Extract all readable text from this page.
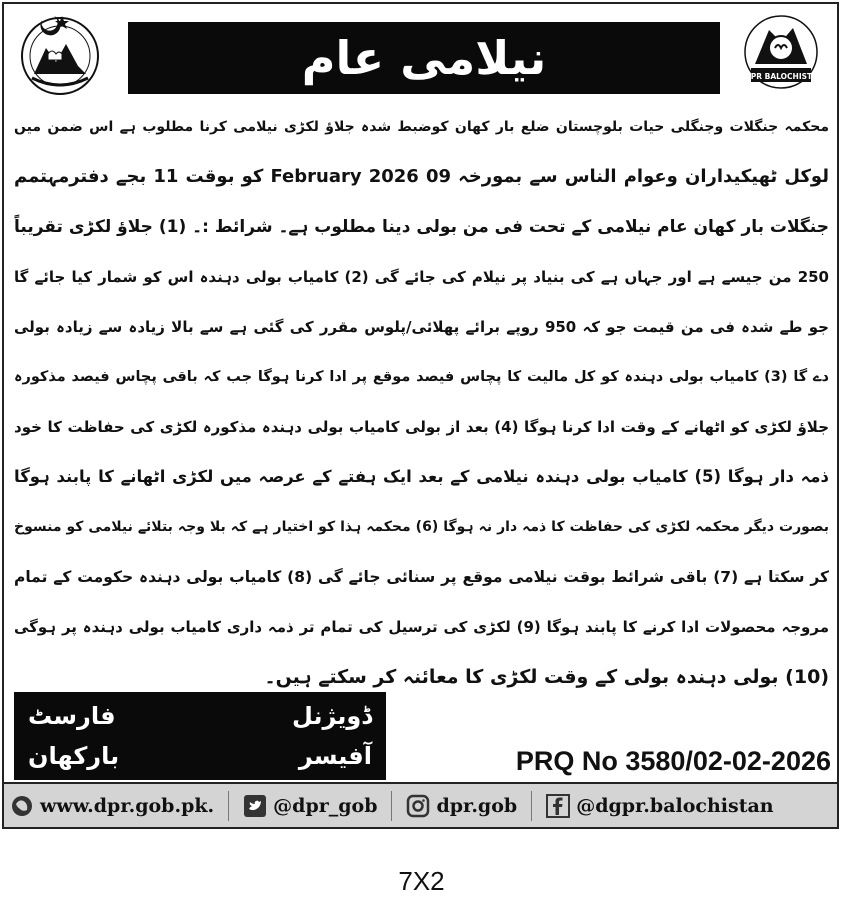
نیلامی عام	DGPR BALOCHISTAN
محکمہ جنگلات وجنگلی حیات بلوچستان ضلع بار کھان کوضبط شدہ جلاؤ لکڑی نیلامی کرنا مطلوب ہے اس ضمن میں
لوکل ٹھیکیداران وعوام الناس سے بمورخہ 09 February 2026 کو بوقت 11 بجے دفترمہتمم
جنگلات بار کھان عام نیلامی کے تحت فی من بولی دینا مطلوب ہے۔ شرائط :۔ (1) جلاؤ لکڑی تقریباً
250 من جیسے ہے اور جہاں ہے کی بنیاد پر نیلام کی جائے گی (2) کامیاب بولی دہندہ اس کو شمار کیا جائے گا
جو طے شدہ فی من قیمت جو کہ 950 روپے برائے پھلائی/پلوس مقرر کی گئی ہے سے بالا زیادہ سے زیادہ بولی
دے گا (3) کامیاب بولی دہندہ کو کل مالیت کا پچاس فیصد موقع پر ادا کرنا ہوگا جب کہ باقی پچاس فیصد مذکورہ
جلاؤ لکڑی کو اٹھانے کے وقت ادا کرنا ہوگا (4) بعد از بولی کامیاب بولی دہندہ مذکورہ لکڑی کی حفاظت کا خود
ذمہ دار ہوگا (5) کامیاب بولی دہندہ نیلامی کے بعد ایک ہفتے کے عرصہ میں لکڑی اٹھانے کا پابند ہوگا
بصورت دیگر محکمہ لکڑی کی حفاظت کا ذمہ دار نہ ہوگا (6) محکمہ ہذا کو اختیار ہے کہ بلا وجہ بتلائے نیلامی کو منسوخ
کر سکتا ہے (7) باقی شرائط بوقت نیلامی موقع پر سنائی جائے گی (8) کامیاب بولی دہندہ حکومت کے تمام
مروجہ محصولات ادا کرنے کا پابند ہوگا (9) لکڑی کی ترسیل کی تمام تر ذمہ داری کامیاب بولی دہندہ پر ہوگی
(10) بولی دہندہ بولی کے وقت لکڑی کا معائنہ کر سکتے ہیں۔
ڈویژنل فارسٹ
آفیسر بارکھان	PRQ No 3580/02-02-2026
www.dpr.gob.pk.	@dpr_gob	dpr.gob	@dgpr.balochistan
7X2
